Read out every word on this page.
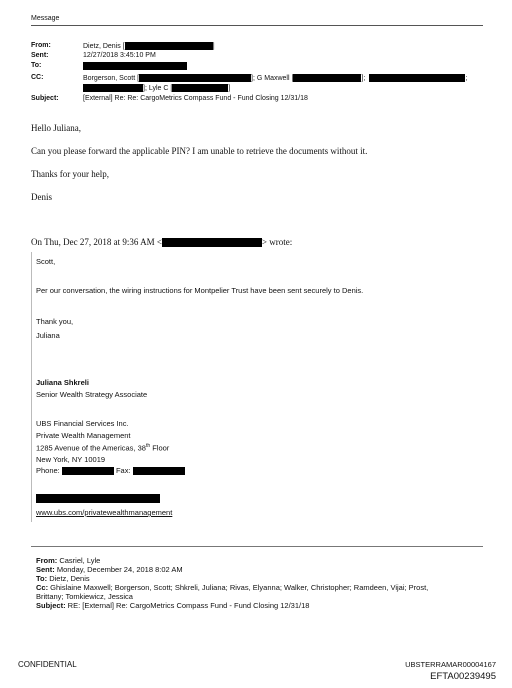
Message
From:	Dietz, Denis [	]
Sent:	12/27/2018 3:45:10 PM
To:
CC:	Borgerson, Scott [	]; G Maxwell [	];	;
]; Lyle C [	]
Subject:	[External] Re: Re: CargoMetrics Compass Fund - Fund Closing 12/31/18
Hello Juliana,
Can you please forward the applicable PIN? I am unable to retrieve the documents without it.
Thanks for your help,
Denis
On Thu, Dec 27, 2018 at 9:36 AM <	> wrote:
Scott,
Per our conversation, the wiring instructions for Montpelier Trust have been sent securely to Denis.
Thank you,
Juliana
Juliana Shkreli
Senior Wealth Strategy Associate
UBS Financial Services Inc.
Private Wealth Management
1285 Avenue of the Americas, 38th Floor
New York, NY 10019
Phone:	Fax:
www.ubs.com/privatewealthmanagement
From: Casriel, Lyle
Sent: Monday, December 24, 2018 8:02 AM
To: Dietz, Denis
Cc: Ghislaine Maxwell; Borgerson, Scott; Shkreli, Juliana; Rivas, Elyanna; Walker, Christopher; Ramdeen, Vijai; Prost,
Brittany; Tomkiewicz, Jessica
Subject: RE: [External] Re: CargoMetrics Compass Fund - Fund Closing 12/31/18
CONFIDENTIAL	UBSTERRAMAR00004167
EFTA00239495
